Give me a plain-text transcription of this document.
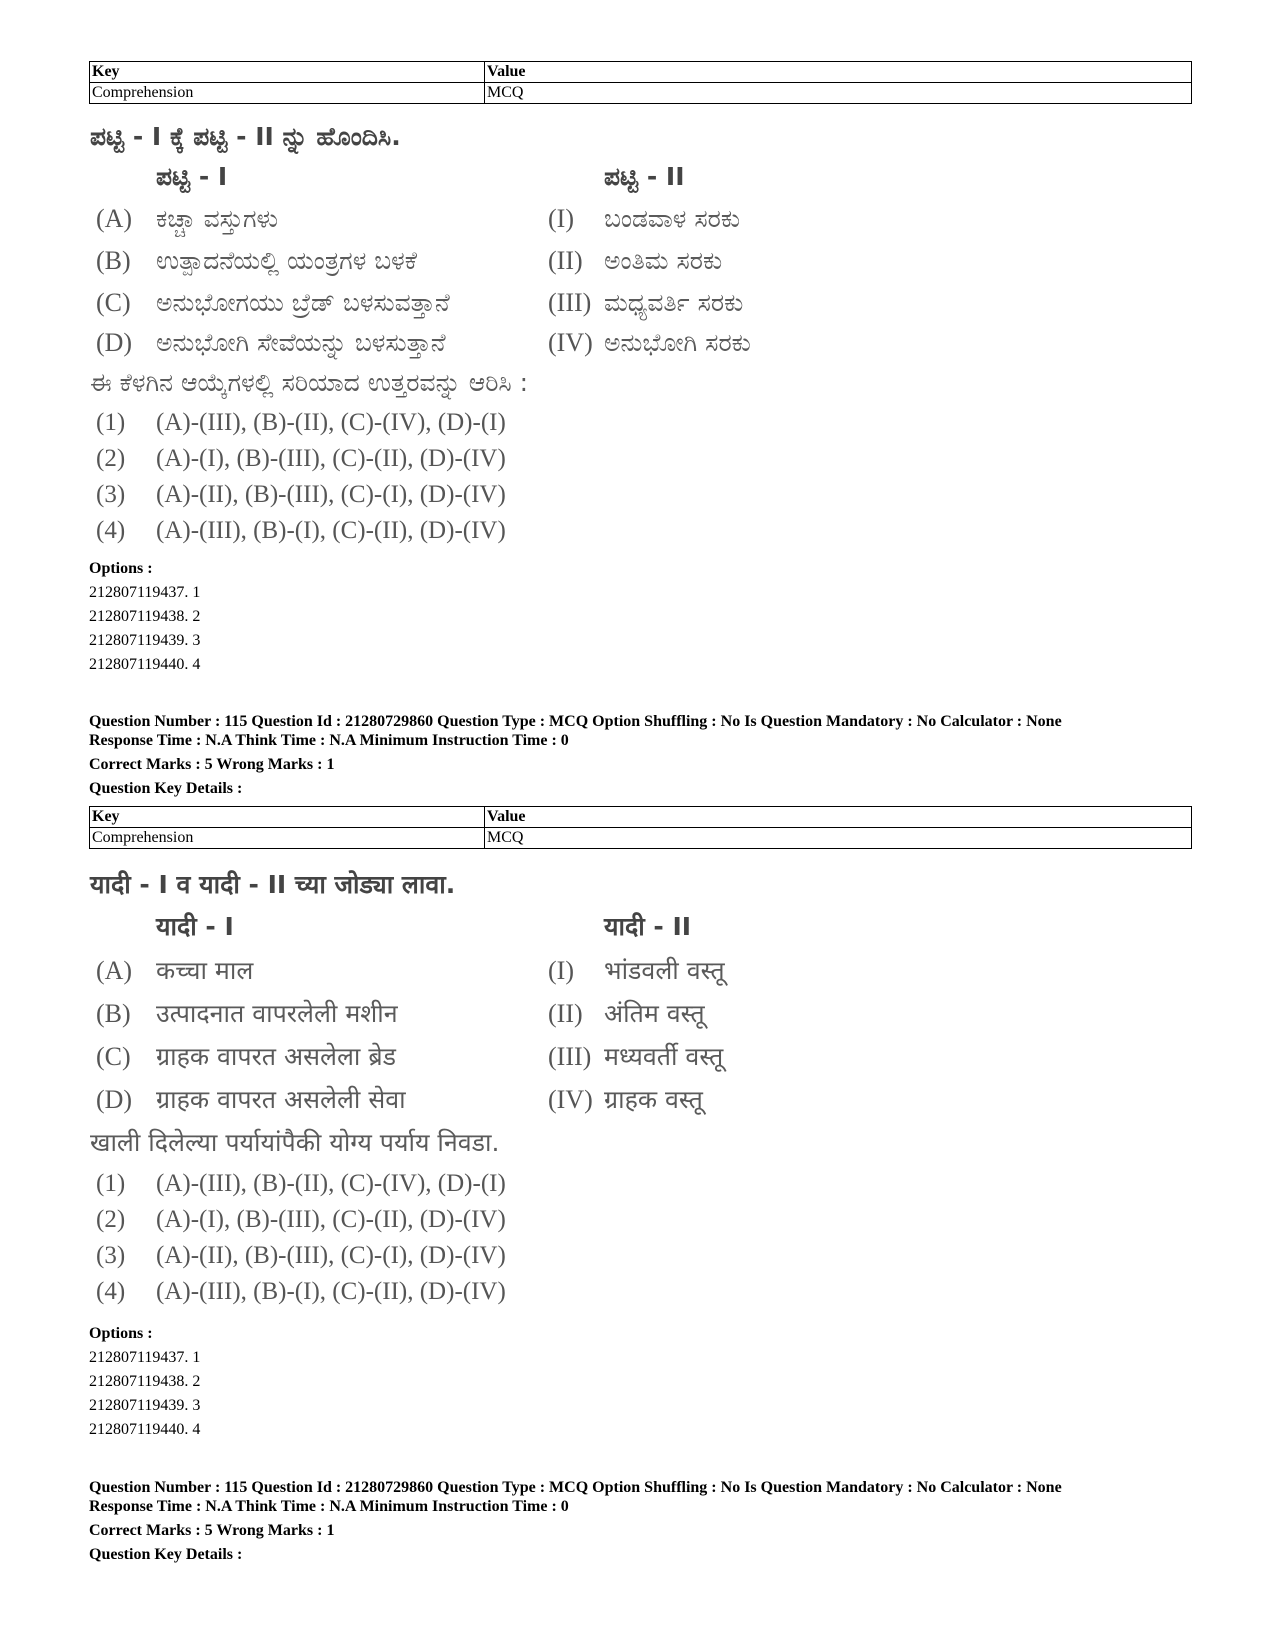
Key	Value
Comprehension	MCQ
ಪಟ್ಟಿ - I ಕ್ಕೆ ಪಟ್ಟಿ - II ನ್ನು ಹೊಂದಿಸಿ.
ಪಟ್ಟಿ - I	ಪಟ್ಟಿ - II
(A) ಕಚ್ಚಾ ವಸ್ತುಗಳು	(I) ಬಂಡವಾಳ ಸರಕು
(B) ಉತ್ಪಾದನೆಯಲ್ಲಿ ಯಂತ್ರಗಳ ಬಳಕೆ	(II) ಅಂತಿಮ ಸರಕು
(C) ಅನುಭೋಗಯು ಬ್ರೆಡ್ ಬಳಸುವತ್ತಾನೆ	(III) ಮಧ್ಯವರ್ತಿ ಸರಕು
(D) ಅನುಭೋಗಿ ಸೇವೆಯನ್ನು ಬಳಸುತ್ತಾನೆ	(IV) ಅನುಭೋಗಿ ಸರಕು
ಈ ಕೆಳಗಿನ ಆಯ್ಕೆಗಳಲ್ಲಿ ಸರಿಯಾದ ಉತ್ತರವನ್ನು ಆರಿಸಿ :
(1) (A)-(III), (B)-(II), (C)-(IV), (D)-(I)
(2) (A)-(I), (B)-(III), (C)-(II), (D)-(IV)
(3) (A)-(II), (B)-(III), (C)-(I), (D)-(IV)
(4) (A)-(III), (B)-(I), (C)-(II), (D)-(IV)
Options :
212807119437. 1
212807119438. 2
212807119439. 3
212807119440. 4
Question Number : 115 Question Id : 21280729860 Question Type : MCQ Option Shuffling : No Is Question Mandatory : No Calculator : None
Response Time : N.A Think Time : N.A Minimum Instruction Time : 0
Correct Marks : 5 Wrong Marks : 1
Question Key Details :
Key	Value
Comprehension	MCQ
यादी - I व यादी - II च्या जोड्या लावा.
यादी - I	यादी - II
(A) कच्चा माल	(I) भांडवली वस्तू
(B) उत्पादनात वापरलेली मशीन	(II) अंतिम वस्तू
(C) ग्राहक वापरत असलेला ब्रेड	(III) मध्यवर्ती वस्तू
(D) ग्राहक वापरत असलेली सेवा	(IV) ग्राहक वस्तू
खाली दिलेल्या पर्यायांपैकी योग्य पर्याय निवडा.
(1) (A)-(III), (B)-(II), (C)-(IV), (D)-(I)
(2) (A)-(I), (B)-(III), (C)-(II), (D)-(IV)
(3) (A)-(II), (B)-(III), (C)-(I), (D)-(IV)
(4) (A)-(III), (B)-(I), (C)-(II), (D)-(IV)
Options :
212807119437. 1
212807119438. 2
212807119439. 3
212807119440. 4
Question Number : 115 Question Id : 21280729860 Question Type : MCQ Option Shuffling : No Is Question Mandatory : No Calculator : None
Response Time : N.A Think Time : N.A Minimum Instruction Time : 0
Correct Marks : 5 Wrong Marks : 1
Question Key Details :
